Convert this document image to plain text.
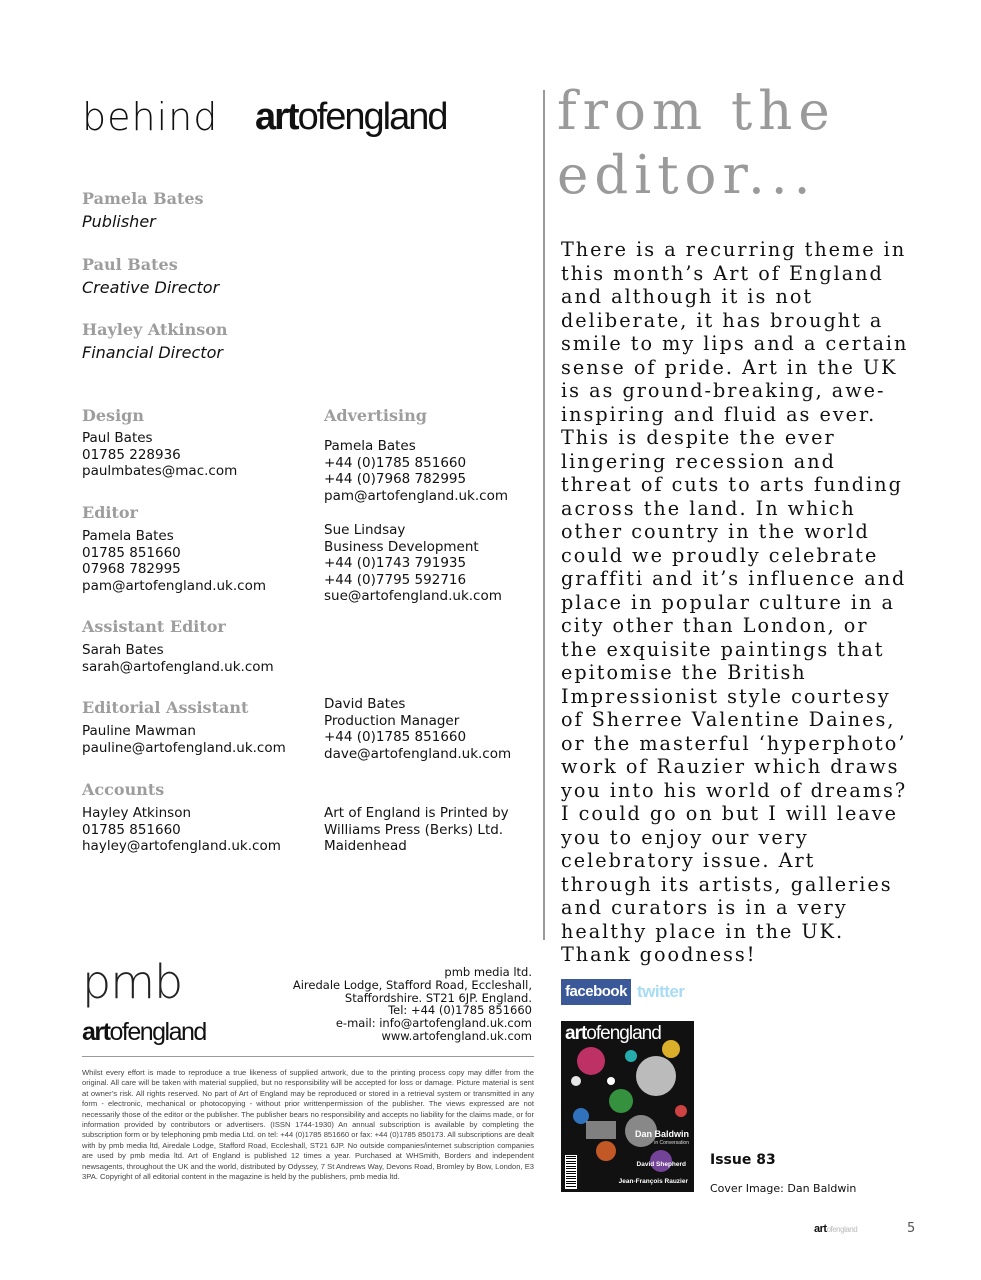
behind artofengland
Pamela Bates
Publisher
Paul Bates
Creative Director
Hayley Atkinson
Financial Director
Design
Paul Bates
01785 228936
paulmbates@mac.com
Editor
Pamela Bates
01785 851660
07968 782995
pam@artofengland.uk.com
Assistant Editor
Sarah Bates
sarah@artofengland.uk.com
Editorial Assistant
Pauline Mawman
pauline@artofengland.uk.com
Accounts
Hayley Atkinson
01785 851660
hayley@artofengland.uk.com
Advertising
Pamela Bates
+44 (0)1785 851660
+44 (0)7968 782995
pam@artofengland.uk.com
Sue Lindsay
Business Development
+44 (0)1743 791935
+44 (0)7795 592716
sue@artofengland.uk.com
David Bates
Production Manager
+44 (0)1785 851660
dave@artofengland.uk.com
Art of England is Printed by
Williams Press (Berks) Ltd.
Maidenhead
from the
editor...
There is a recurring theme in this month’s Art of England and although it is not deliberate, it has brought a smile to my lips and a certain sense of pride. Art in the UK is as ground-breaking, awe-inspiring and fluid as ever. This is despite the ever lingering recession and threat of cuts to arts funding across the land. In which other country in the world could we proudly celebrate graffiti and it’s influence and place in popular culture in a city other than London, or the exquisite paintings that epitomise the British Impressionist style courtesy of Sherree Valentine Daines, or the masterful ‘hyperphoto’ work of Rauzier which draws you into his world of dreams? I could go on but I will leave you to enjoy our very celebratory issue. Art through its artists, galleries and curators is in a very healthy place in the UK. Thank goodness!
pmb
artofengland
pmb media ltd.
Airedale Lodge, Stafford Road, Eccleshall,
Staffordshire. ST21 6JP. England.
Tel: +44 (0)1785 851660
e-mail: info@artofengland.uk.com
www.artofengland.uk.com
Whilst every effort is made to reproduce a true likeness of supplied artwork, due to the printing process copy may differ from the original. All care will be taken with material supplied, but no responsibility will be accepted for loss or damage. Picture material is sent at owner’s risk. All rights reserved. No part of Art of England may be reproduced or stored in a retrieval system or transmitted in any form - electronic, mechanical or photocopying - without prior writtenpermission of the publisher. The views expressed are not necessarily those of the editor or the publisher. The publisher bears no responsibility and accepts no liability for the claims made, or for information provided by contributors or advertisers. (ISSN 1744-1930) An annual subscription is available by completing the subscription form or by telephoning pmb media Ltd. on tel: +44 (0)1785 851660 or fax: +44 (0)1785 850173. All subscriptions are dealt with by pmb media ltd, Airedale Lodge, Stafford Road, Eccleshall, ST21 6JP. No outside companies/internet subscription companies are used by pmb media ltd. Art of England is published 12 times a year. Purchased at WHSmith, Borders and independent newsagents, throughout the UK and the world, distributed by Odyssey, 7 St Andrews Way, Devons Road, Bromley by Bow, London, E3 3PA. Copyright of all editorial content in the magazine is held by the publishers, pmb media ltd.
facebook twitter
artofengland
Dan Baldwin
in Conversation
David Shepherd
Jean-François Rauzier
Issue 83
Cover Image: Dan Baldwin
artofengland	5
